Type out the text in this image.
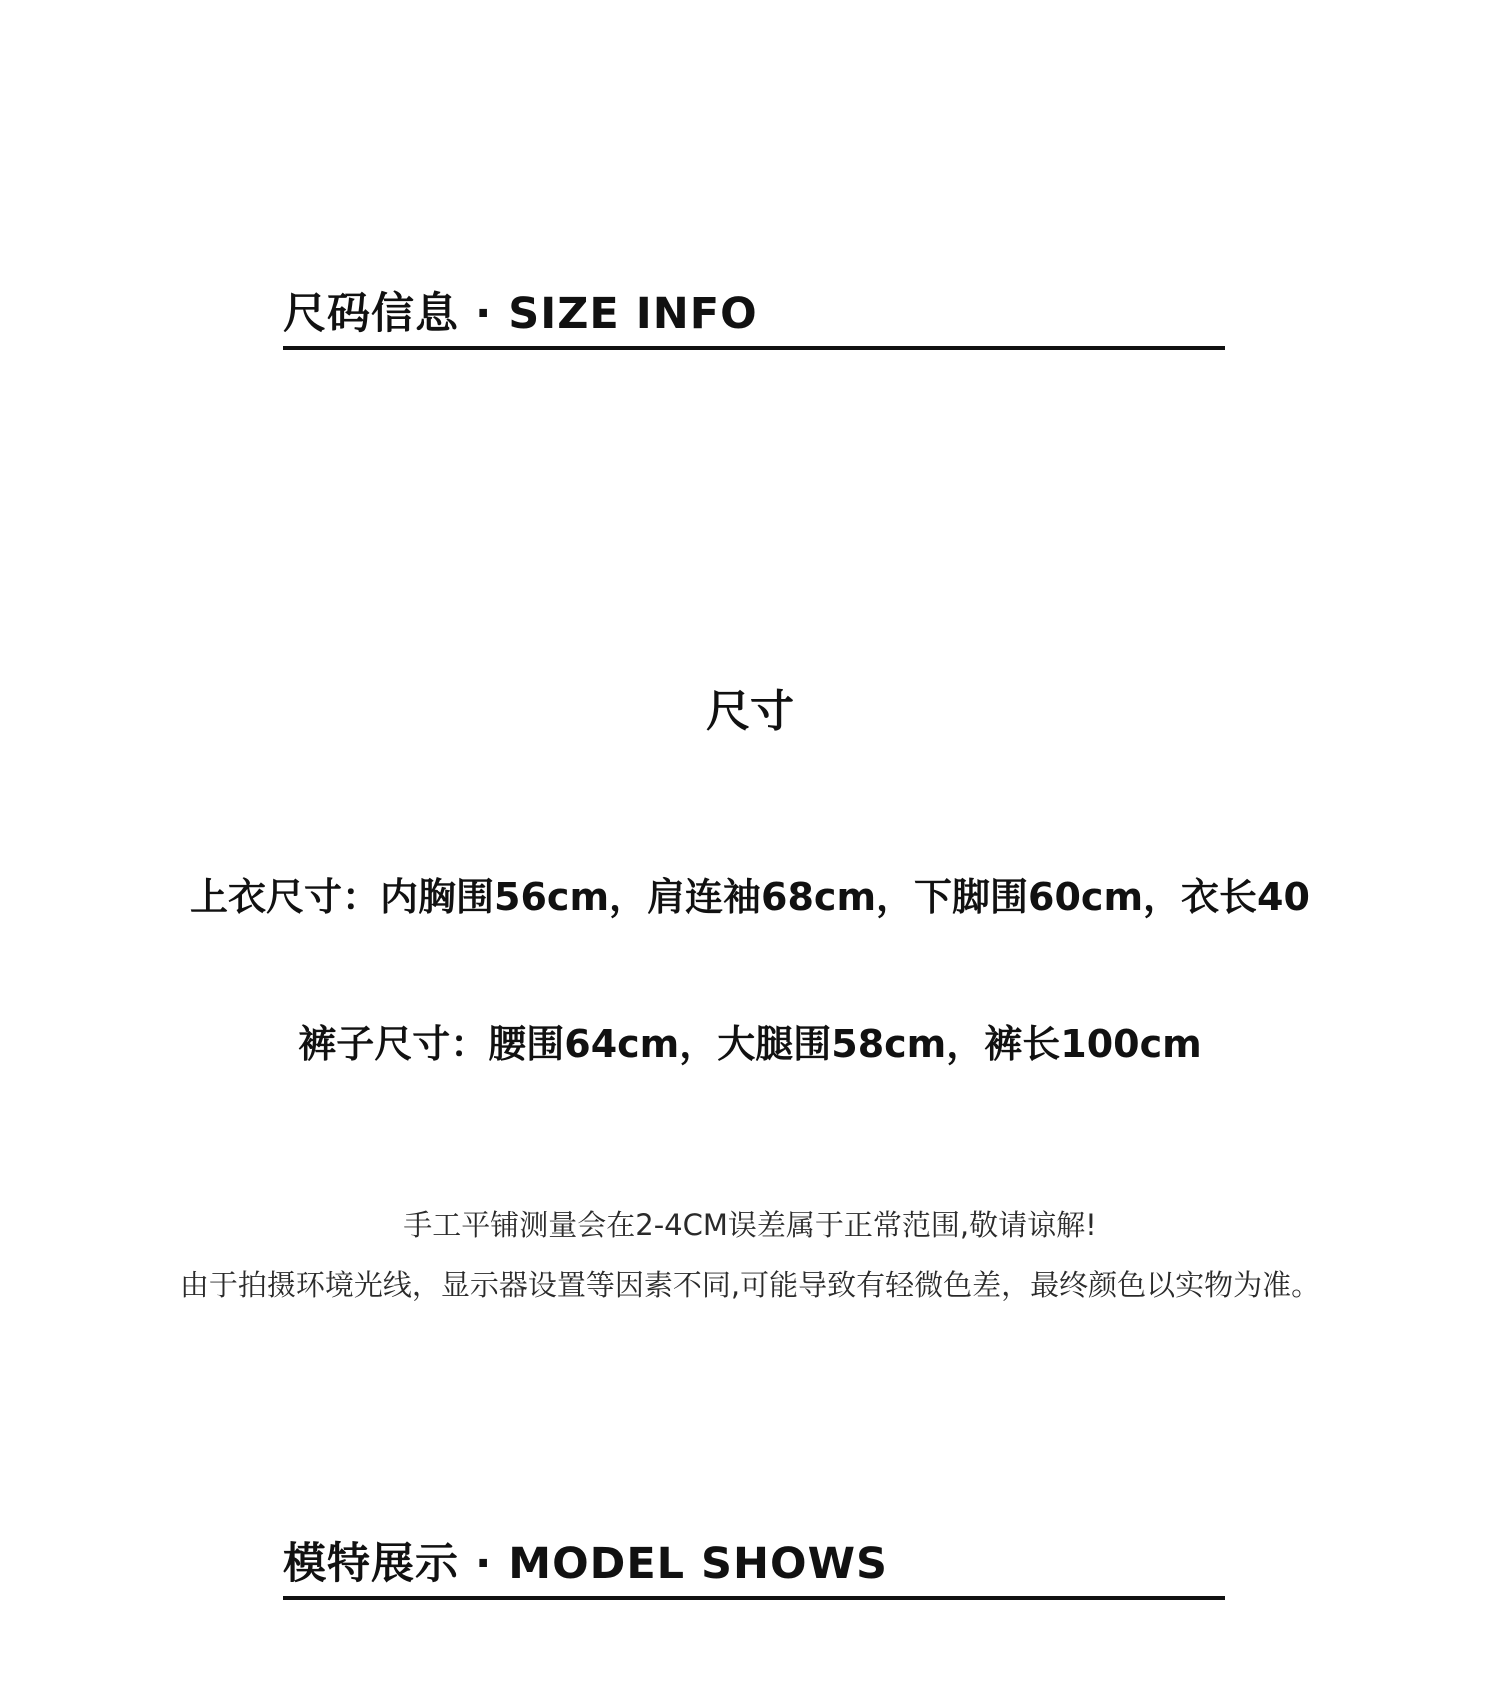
尺码信息 · SIZE INFO
尺寸
上衣尺寸：内胸围56cm，肩连袖68cm，下脚围60cm，衣长40
裤子尺寸：腰围64cm，大腿围58cm，裤长100cm
手工平铺测量会在2-4CM误差属于正常范围,敬请谅解!
由于拍摄环境光线，显示器设置等因素不同,可能导致有轻微色差，最终颜色以实物为准。
模特展示 · MODEL SHOWS
